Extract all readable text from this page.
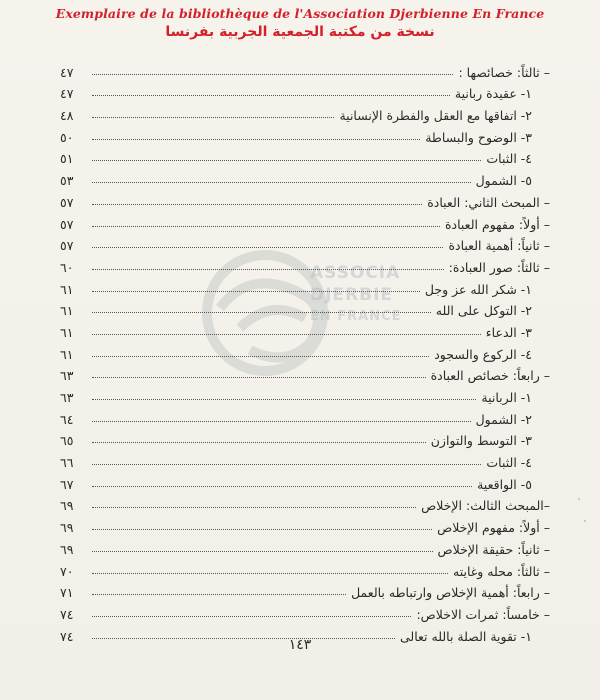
Exemplaire de la bibliothèque de l'Association Djerbienne En France
نسخة من مكتبة الجمعية الجربية بفرنسا
ASSOCIA
DJERBIE
EN FRANCE
– ثالثاً: خصائصها :
٤٧
١- عقيدة ربانية
٤٧
٢- اتفاقها مع العقل والفطرة الإنسانية
٤٨
٣- الوضوح والبساطة
٥٠
٤- الثبات
٥١
٥- الشمول
٥٣
– المبحث الثاني: العبادة
٥٧
– أولاً: مفهوم العبادة
٥٧
– ثانياً: أهمية العبادة
٥٧
– ثالثاً: صور العبادة:
٦٠
١- شكر الله عز وجل
٦١
٢- التوكل على الله
٦١
٣- الدعاء
٦١
٤- الركوع والسجود
٦١
– رابعاً: خصائص العبادة
٦٣
١- الربانية
٦٣
٢- الشمول
٦٤
٣- التوسط والتوازن
٦٥
٤- الثبات
٦٦
٥- الواقعية
٦٧
–المبحث الثالث: الإخلاص
٦٩
– أولاً: مفهوم الإخلاص
٦٩
– ثانياً: حقيقة الإخلاص
٦٩
– ثالثاً: محله وغايته
٧٠
– رابعاً: أهمية الإخلاص وارتباطه بالعمل
٧١
– خامساً: ثمرات الاخلاص:
٧٤
١- تقوية الصلة بالله تعالى
٧٤
١٤٣
